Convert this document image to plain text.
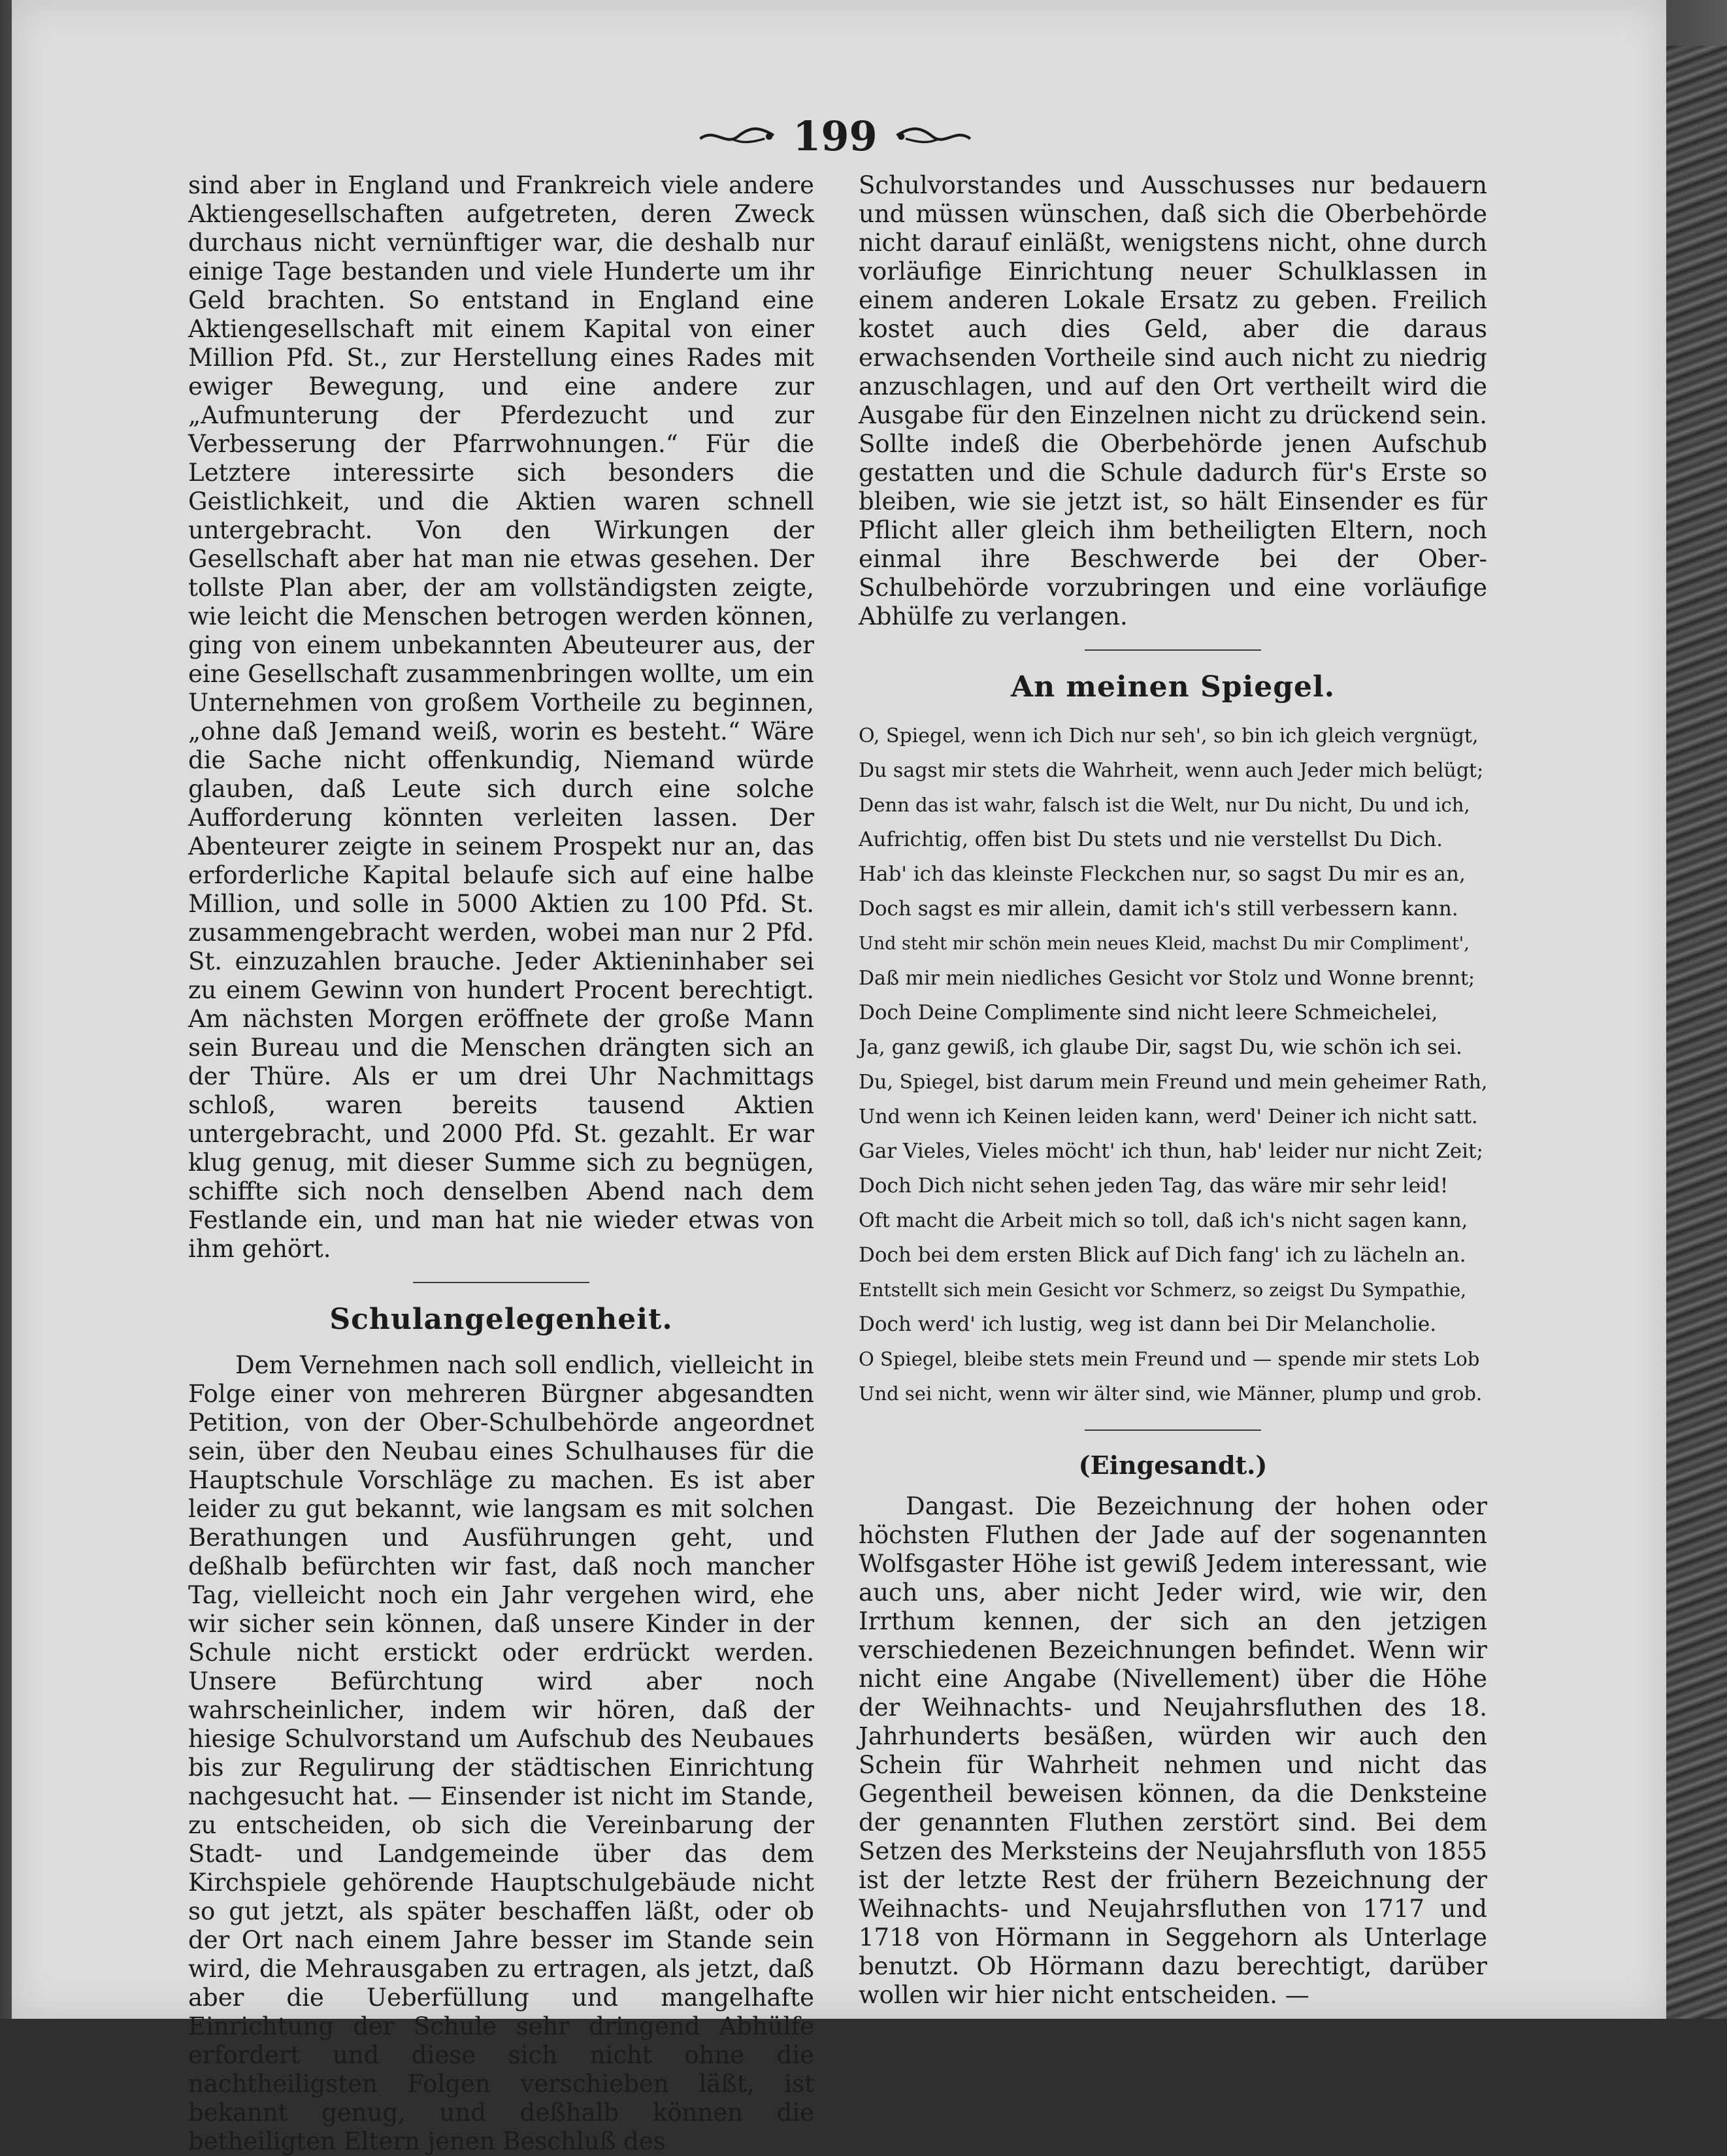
199

sind aber in England und Frankreich viele andere Aktiengesellschaften aufgetreten, deren Zweck durchaus nicht vernünftiger war, die deshalb nur einige Tage bestanden und viele Hunderte um ihr Geld brachten. So entstand in England eine Aktiengesellschaft mit einem Kapital von einer Million Pfd. St., zur Herstellung eines Rades mit ewiger Bewegung, und eine andere zur „Aufmunterung der Pferdezucht und zur Verbesserung der Pfarrwohnungen.“ Für die Letztere interessirte sich besonders die Geistlichkeit, und die Aktien waren schnell untergebracht. Von den Wirkungen der Gesellschaft aber hat man nie etwas gesehen. Der tollste Plan aber, der am vollständigsten zeigte, wie leicht die Menschen betrogen werden können, ging von einem unbekannten Abeuteurer aus, der eine Gesellschaft zusammenbringen wollte, um ein Unternehmen von großem Vortheile zu beginnen, „ohne daß Jemand weiß, worin es besteht.“ Wäre die Sache nicht offenkundig, Niemand würde glauben, daß Leute sich durch eine solche Aufforderung könnten verleiten lassen. Der Abenteurer zeigte in seinem Prospekt nur an, das erforderliche Kapital belaufe sich auf eine halbe Million, und solle in 5000 Aktien zu 100 Pfd. St. zusammengebracht werden, wobei man nur 2 Pfd. St. einzuzahlen brauche. Jeder Aktieninhaber sei zu einem Gewinn von hundert Procent berechtigt. Am nächsten Morgen eröffnete der große Mann sein Bureau und die Menschen drängten sich an der Thüre. Als er um drei Uhr Nachmittags schloß, waren bereits tausend Aktien untergebracht, und 2000 Pfd. St. gezahlt. Er war klug genug, mit dieser Summe sich zu begnügen, schiffte sich noch denselben Abend nach dem Festlande ein, und man hat nie wieder etwas von ihm gehört.

Schulangelegenheit.

Dem Vernehmen nach soll endlich, vielleicht in Folge einer von mehreren Bürgner abgesandten Petition, von der Ober-Schulbehörde angeordnet sein, über den Neubau eines Schulhauses für die Hauptschule Vorschläge zu machen. Es ist aber leider zu gut bekannt, wie langsam es mit solchen Berathungen und Ausführungen geht, und deßhalb befürchten wir fast, daß noch mancher Tag, vielleicht noch ein Jahr vergehen wird, ehe wir sicher sein können, daß unsere Kinder in der Schule nicht erstickt oder erdrückt werden. Unsere Befürchtung wird aber noch wahrscheinlicher, indem wir hören, daß der hiesige Schulvorstand um Aufschub des Neubaues bis zur Regulirung der städtischen Einrichtung nachgesucht hat. — Einsender ist nicht im Stande, zu entscheiden, ob sich die Vereinbarung der Stadt- und Landgemeinde über das dem Kirchspiele gehörende Hauptschulgebäude nicht so gut jetzt, als später beschaffen läßt, oder ob der Ort nach einem Jahre besser im Stande sein wird, die Mehrausgaben zu ertragen, als jetzt, daß aber die Ueberfüllung und mangelhafte Einrichtung der Schule sehr dringend Abhülfe erfordert und diese sich nicht ohne die nachtheiligsten Folgen verschieben läßt, ist bekannt genug, und deßhalb können die betheiligten Eltern jenen Beschluß des

Schulvorstandes und Ausschusses nur bedauern und müssen wünschen, daß sich die Oberbehörde nicht darauf einläßt, wenigstens nicht, ohne durch vorläufige Einrichtung neuer Schulklassen in einem anderen Lokale Ersatz zu geben. Freilich kostet auch dies Geld, aber die daraus erwachsenden Vortheile sind auch nicht zu niedrig anzuschlagen, und auf den Ort vertheilt wird die Ausgabe für den Einzelnen nicht zu drückend sein. Sollte indeß die Oberbehörde jenen Aufschub gestatten und die Schule dadurch für's Erste so bleiben, wie sie jetzt ist, so hält Einsender es für Pflicht aller gleich ihm betheiligten Eltern, noch einmal ihre Beschwerde bei der Ober-Schulbehörde vorzubringen und eine vorläufige Abhülfe zu verlangen.

An meinen Spiegel.
O, Spiegel, wenn ich Dich nur seh', so bin ich gleich vergnügt,
Du sagst mir stets die Wahrheit, wenn auch Jeder mich belügt;
Denn das ist wahr, falsch ist die Welt, nur Du nicht, Du und ich,
Aufrichtig, offen bist Du stets und nie verstellst Du Dich.
Hab' ich das kleinste Fleckchen nur, so sagst Du mir es an,
Doch sagst es mir allein, damit ich's still verbessern kann.
Und steht mir schön mein neues Kleid, machst Du mir Compliment',
Daß mir mein niedliches Gesicht vor Stolz und Wonne brennt;
Doch Deine Complimente sind nicht leere Schmeichelei,
Ja, ganz gewiß, ich glaube Dir, sagst Du, wie schön ich sei.
Du, Spiegel, bist darum mein Freund und mein geheimer Rath,
Und wenn ich Keinen leiden kann, werd' Deiner ich nicht satt.
Gar Vieles, Vieles möcht' ich thun, hab' leider nur nicht Zeit;
Doch Dich nicht sehen jeden Tag, das wäre mir sehr leid!
Oft macht die Arbeit mich so toll, daß ich's nicht sagen kann,
Doch bei dem ersten Blick auf Dich fang' ich zu lächeln an.
Entstellt sich mein Gesicht vor Schmerz, so zeigst Du Sympathie,
Doch werd' ich lustig, weg ist dann bei Dir Melancholie.
O Spiegel, bleibe stets mein Freund und — spende mir stets Lob
Und sei nicht, wenn wir älter sind, wie Männer, plump und grob.
(Eingesandt.)

Dangast. Die Bezeichnung der hohen oder höchsten Fluthen der Jade auf der sogenannten Wolfsgaster Höhe ist gewiß Jedem interessant, wie auch uns, aber nicht Jeder wird, wie wir, den Irrthum kennen, der sich an den jetzigen verschiedenen Bezeichnungen befindet. Wenn wir nicht eine Angabe (Nivellement) über die Höhe der Weihnachts- und Neujahrsfluthen des 18. Jahrhunderts besäßen, würden wir auch den Schein für Wahrheit nehmen und nicht das Gegentheil beweisen können, da die Denksteine der genannten Fluthen zerstört sind. Bei dem Setzen des Merksteins der Neujahrsfluth von 1855 ist der letzte Rest der frühern Bezeichnung der Weihnachts- und Neujahrsfluthen von 1717 und 1718 von Hörmann in Seggehorn als Unterlage benutzt. Ob Hörmann dazu berechtigt, darüber wollen wir hier nicht entscheiden. —
